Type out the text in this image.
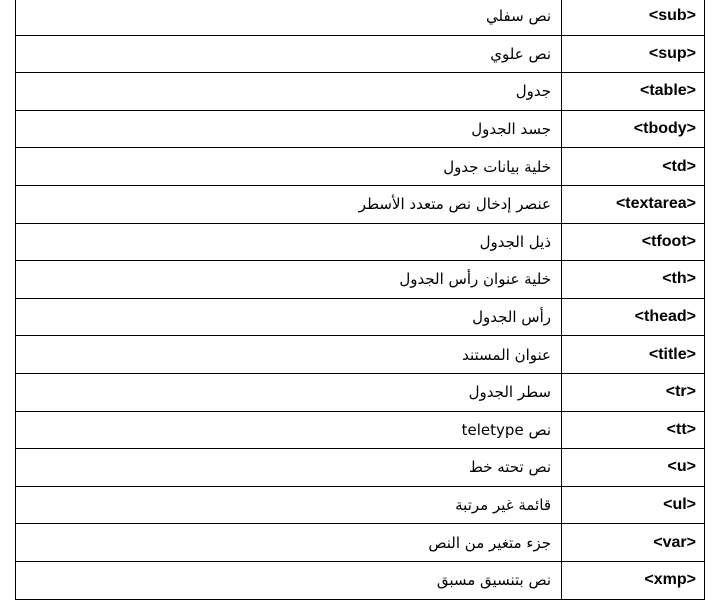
نص سفلي	<sub>
نص علوي	<sup>
جدول	<table>
جسد الجدول	<tbody>
خلية بيانات جدول	<td>
عنصر إدخال نص متعدد الأسطر	<textarea>
ذيل الجدول	<tfoot>
خلية عنوان رأس الجدول	<th>
رأس الجدول	<thead>
عنوان المستند	<title>
سطر الجدول	<tr>
نص teletype	<tt>
نص تحته خط	<u>
قائمة غير مرتبة	<ul>
جزء متغير من النص	<var>
نص بتنسيق مسبق	<xmp>
